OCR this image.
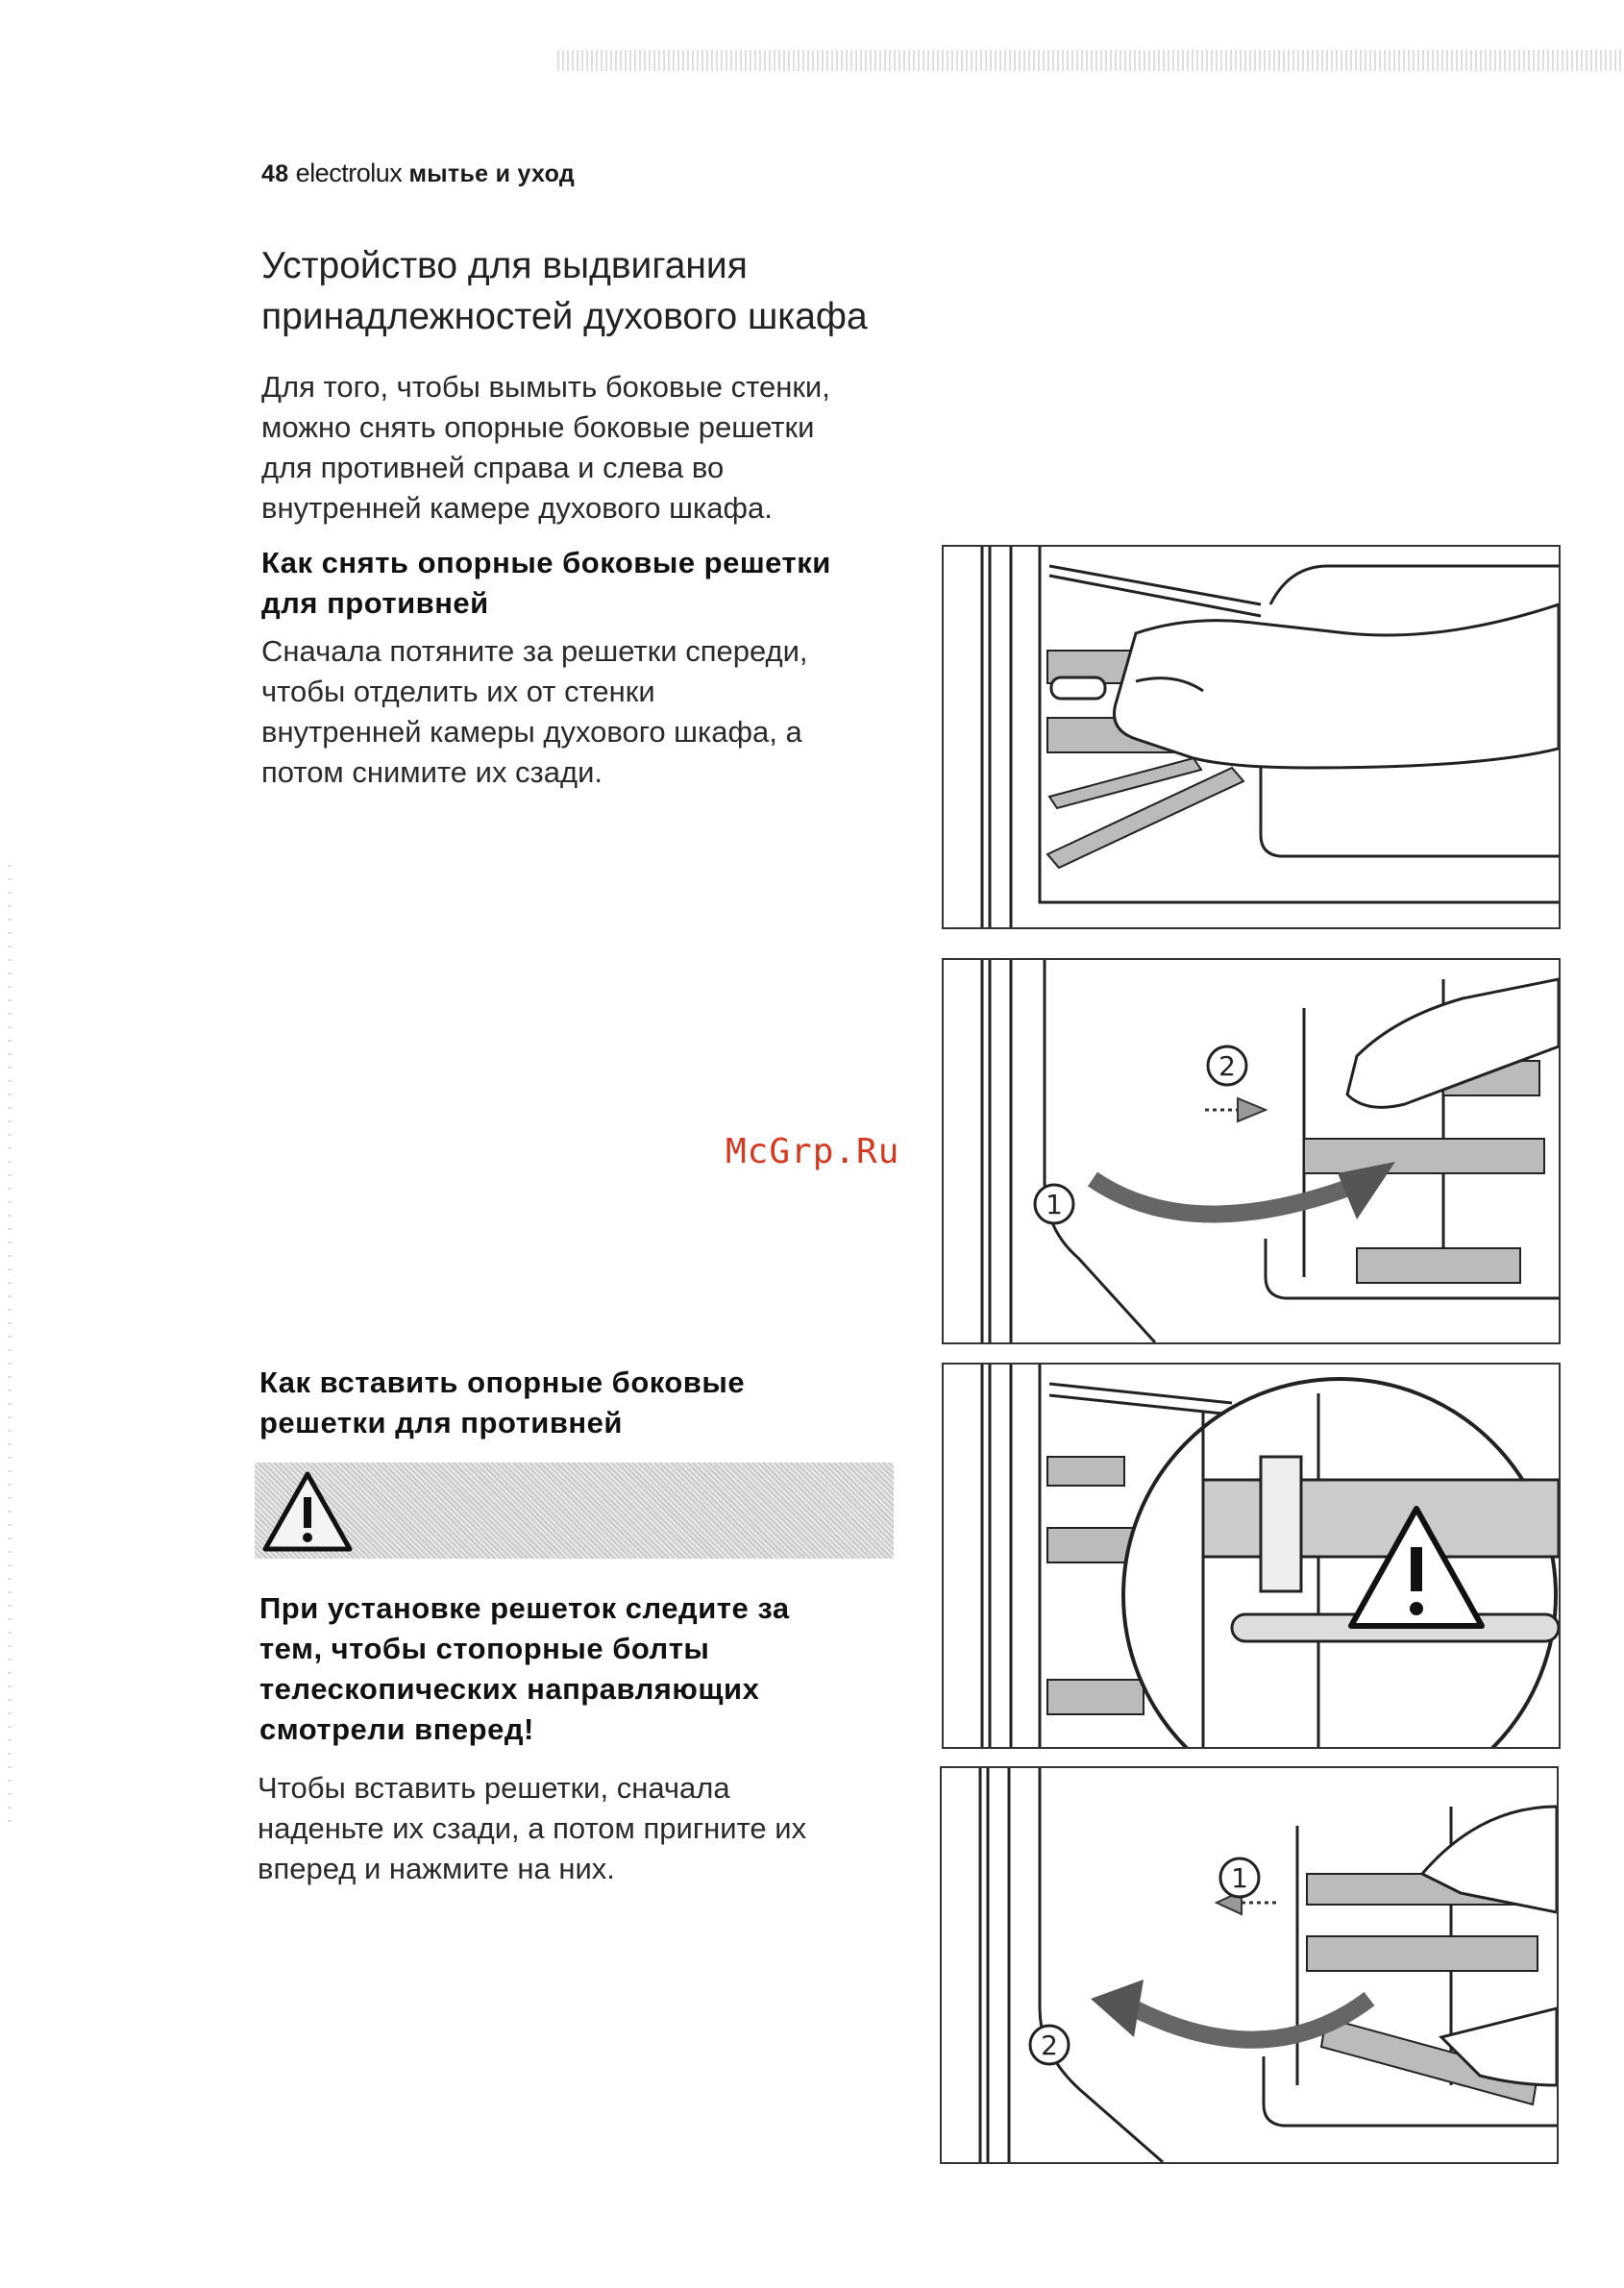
48 electrolux мытье и уход
Устройство для выдвигания
принадлежностей духового шкафа
Для того, чтобы вымыть боковые стенки,
можно снять опорные боковые решетки
для противней справа и слева во
внутренней камере духового шкафа.
Как снять опорные боковые решетки
для противней
Сначала потяните за решетки спереди,
чтобы отделить их от стенки
внутренней камеры духового шкафа, а
потом снимите их сзади.
Как вставить опорные боковые
решетки для противней
При установке решеток следите за
тем, чтобы стопорные болты
телескопических направляющих
смотрели вперед!
Чтобы вставить решетки, сначала
наденьте их сзади, а потом пригните их
вперед и нажмите на них.
McGrp.Ru
2
1
1
2
